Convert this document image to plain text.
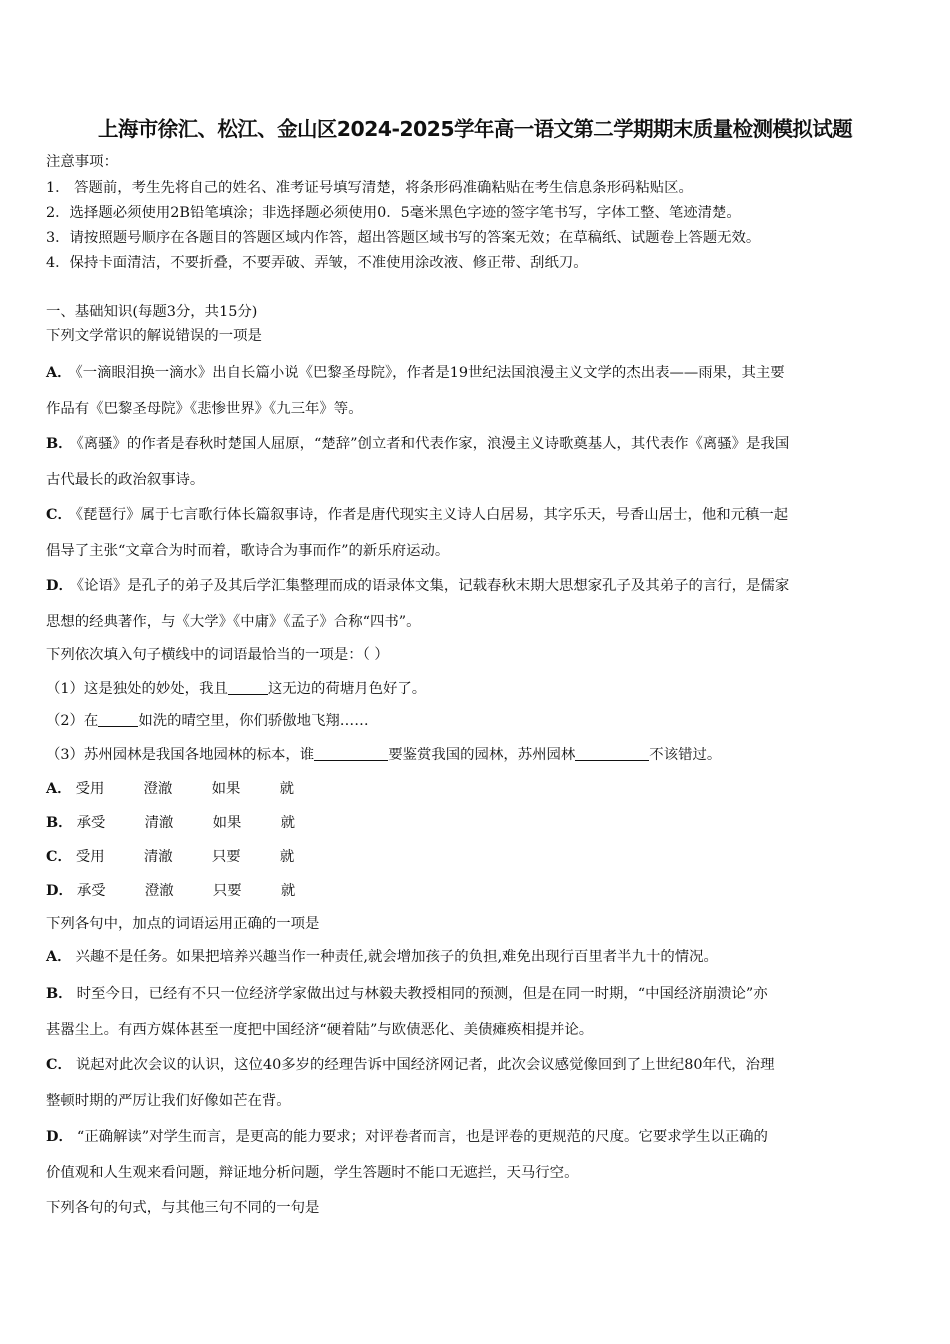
上海市徐汇、松江、金山区2024-2025学年高一语文第二学期期末质量检测模拟试题
注意事项：
1． 答题前，考生先将自己的姓名、准考证号填写清楚，将条形码准确粘贴在考生信息条形码粘贴区。
2．选择题必须使用2B铅笔填涂；非选择题必须使用0．5毫米黑色字迹的签字笔书写，字体工整、笔迹清楚。
3．请按照题号顺序在各题目的答题区域内作答，超出答题区域书写的答案无效；在草稿纸、试题卷上答题无效。
4．保持卡面清洁，不要折叠，不要弄破、弄皱，不准使用涂改液、修正带、刮纸刀。
一、基础知识(每题3分，共15分)
下列文学常识的解说错误的一项是
A． 《一滴眼泪换一滴水》出自长篇小说《巴黎圣母院》，作者是19世纪法国浪漫主义文学的杰出表——雨果，其主要
作品有《巴黎圣母院》《悲惨世界》《九三年》等。
B． 《离骚》的作者是春秋时楚国人屈原，“楚辞”创立者和代表作家，浪漫主义诗歌奠基人，其代表作《离骚》是我国
古代最长的政治叙事诗。
C． 《琵琶行》属于七言歌行体长篇叙事诗，作者是唐代现实主义诗人白居易，其字乐天，号香山居士，他和元稹一起
倡导了主张“文章合为时而着，歌诗合为事而作”的新乐府运动。
D． 《论语》是孔子的弟子及其后学汇集整理而成的语录体文集，记载春秋末期大思想家孔子及其弟子的言行，是儒家
思想的经典著作，与《大学》《中庸》《孟子》合称“四书”。
下列依次填入句子横线中的词语最恰当的一项是：（ ）
（1）这是独处的妙处，我且	这无边的荷塘月色好了。
（2）在	如洗的晴空里，你们骄傲地飞翔……
（3）苏州园林是我国各地园林的标本，谁	要鉴赏我国的园林，苏州园林	不该错过。
A． 受用	澄澈	如果	就
B． 承受	清澈	如果	就
C． 受用	清澈	只要	就
D． 承受	澄澈	只要	就
下列各句中，加点的词语运用正确的一项是
A． 兴趣不是任务。如果把培养兴趣当作一种责任,就会增加孩子的负担,难免出现行百里者半九十的情况。
B． 时至今日，已经有不只一位经济学家做出过与林毅夫教授相同的预测，但是在同一时期，“中国经济崩溃论”亦
甚嚣尘上。有西方媒体甚至一度把中国经济“硬着陆”与欧债恶化、美债瘫痪相提并论。
C． 说起对此次会议的认识，这位40多岁的经理告诉中国经济网记者，此次会议感觉像回到了上世纪80年代，治理
整顿时期的严厉让我们好像如芒在背。
D． “正确解读”对学生而言，是更高的能力要求；对评卷者而言，也是评卷的更规范的尺度。它要求学生以正确的
价值观和人生观来看问题，辩证地分析问题，学生答题时不能口无遮拦，天马行空。
下列各句的句式，与其他三句不同的一句是
